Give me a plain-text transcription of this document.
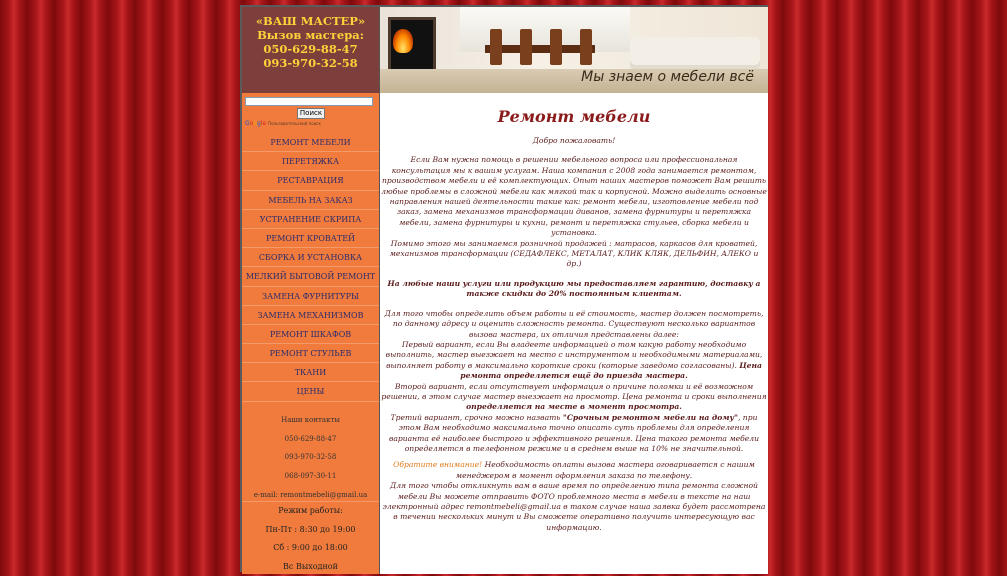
«ВАШ МАСТЕР»
Вызов мастера:
050-629-88-47
093-970-32-58
Мы знаем о мебели всё
Поиск
Google Пользовательский поиск
РЕМОНТ МЕБЕЛИ
ПЕРЕТЯЖКА
РЕСТАВРАЦИЯ
МЕБЕЛЬ НА ЗАКАЗ
УСТРАНЕНИЕ СКРИПА
РЕМОНТ КРОВАТЕЙ
СБОРКА И УСТАНОВКА
МЕЛКИЙ БЫТОВОЙ РЕМОНТ
ЗАМЕНА ФУРНИТУРЫ
ЗАМЕНА МЕХАНИЗМОВ
РЕМОНТ ШКАФОВ
РЕМОНТ СТУЛЬЕВ
ТКАНИ
ЦЕНЫ
Наши контакты
050-629-88-47
093-970-32-58
068-097-30-11
e-mail: remontmebeli@gmail.ua
Режим работы:
Пн-Пт : 8:30 до 19:00
Сб : 9:00 до 18:00
Вс Выходной
Ремонт мебели

Добро пожаловать!

Если Вам нужна помощь в решении мебельного вопроса или профессиональная консультация мы к вашим услугам. Наша компания с 2008 года занимается ремонтом, производством мебели и её комплектующих. Опыт наших мастеров поможет Вам решить любые проблемы в сложной мебели как мягкой так и корпусной. Можно выделить основные направления нашей деятельности такие как: ремонт мебели, изготовление мебели под заказ, замена механизмов трансформации диванов, замена фурнитуры и перетяжка мебели, замена фурнитуры и кухни, ремонт и перетяжка стульев, сборка мебели и установка.

Помимо этого мы занимаемся розничной продажей : матрасов, каркасов для кроватей, механизмов трансформации (СЕДАФЛЕКС, МЕТАЛАТ, КЛИК КЛЯК, ДЕЛЬФИН, АЛЕКО и др.)

На любые наши услуги или продукцию мы предоставляем гарантию, доставку а также скидки до 20% постоянным клиентам.

Для того чтобы определить объем работы и её стоимость, мастер должен посмотреть, по данному адресу и оценить сложность ремонта. Существуют несколько вариантов вызова мастера, их отличия представлены далее:

Первый вариант, если Вы владеете информацией о том какую работу необходимо выполнить, мастер выезжает на место с инструментом и необходимыми материалами, выполняет работу в максимально короткие сроки (которые заведомо согласованы). Цена ремонта определяется ещё до приезда мастера.

Второй вариант, если отсутствует информация о причине поломки и её возможном решении, в этом случае мастер выезжает на просмотр. Цена ремонта и сроки выполнения определяется на месте в момент просмотра.

Третий вариант, срочно можно назвать "Срочным ремонтом мебели на дому", при этом Вам необходимо максимально точно описать суть проблемы для определения варианта её наиболее быстрого и эффективного решения. Цена такого ремонта мебели определяется в телефонном режиме и в среднем выше на 10% не значительной.

Обратите внимание! Необходимость оплаты вызова мастера оговаривается с нашим менеджером в момент оформления заказа по телефону.

Для того чтобы откликнуть вам в ваше время по определению типа ремонта сложной мебели Вы можете отправить ФОТО проблемного места в мебели в тексте на наш электронный адрес remontmebeli@gmail.ua в таком случае наша заявка будет рассмотрена в течении нескольких минут и Вы сможете оперативно получить интересующую вас информацию.
